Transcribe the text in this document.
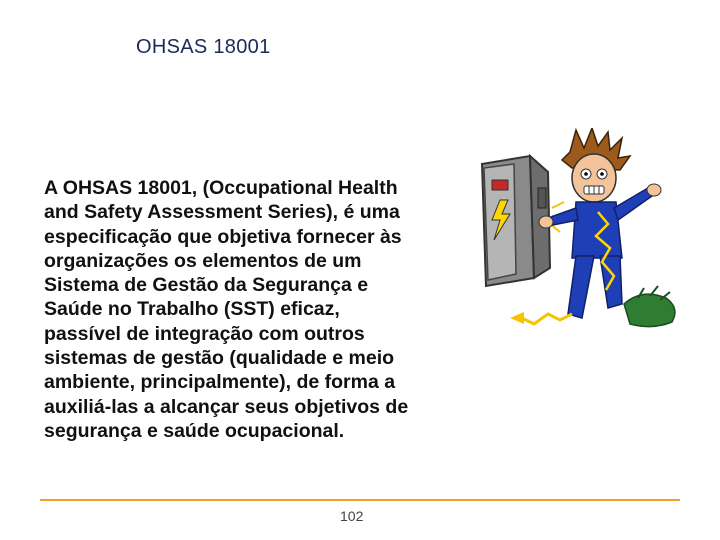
OHSAS 18001
A OHSAS 18001, (Occupational Health
and Safety Assessment Series), é uma
especificação que objetiva fornecer às
organizações os elementos de um
Sistema de Gestão da Segurança e
Saúde no Trabalho (SST) eficaz,
passível de integração com outros
sistemas de gestão (qualidade e meio
ambiente, principalmente), de forma a
auxiliá-las a alcançar seus objetivos de
segurança e saúde ocupacional.
102
